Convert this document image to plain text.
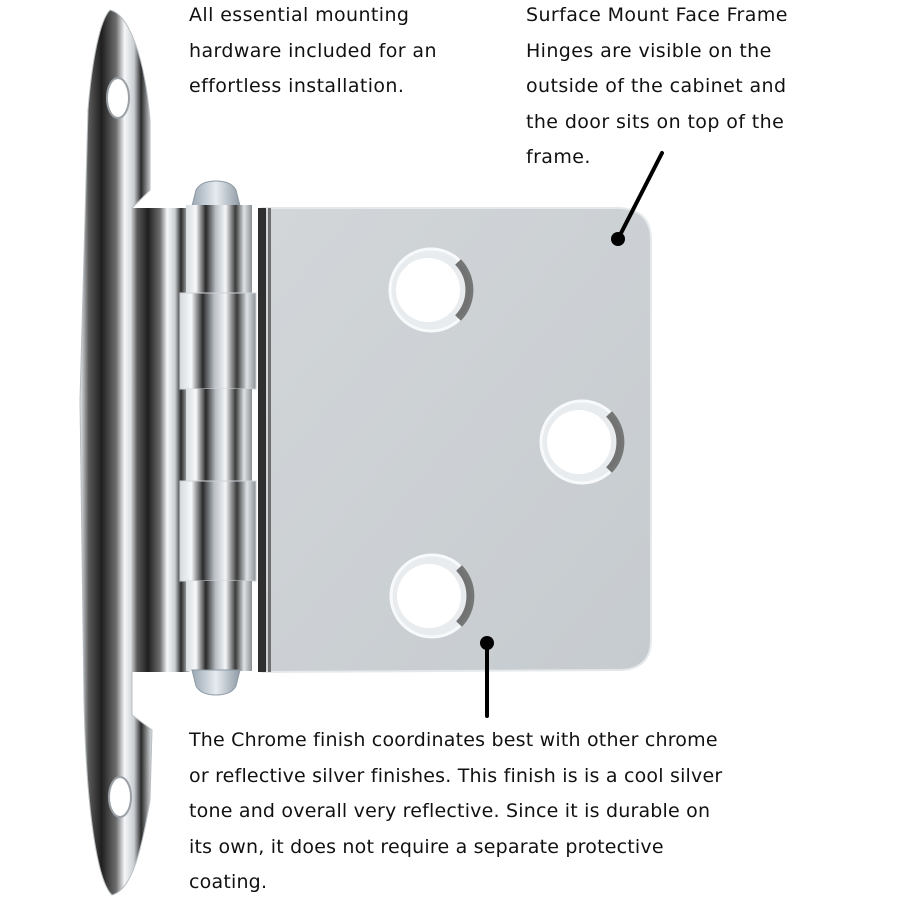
All essential mounting
hardware included for an
effortless installation.
Surface Mount Face Frame
Hinges are visible on the
outside of the cabinet and
the door sits on top of the
frame.
The Chrome finish coordinates best with other chrome
or reflective silver finishes. This finish is is a cool silver
tone and overall very reflective. Since it is durable on
its own, it does not require a separate protective
coating.
